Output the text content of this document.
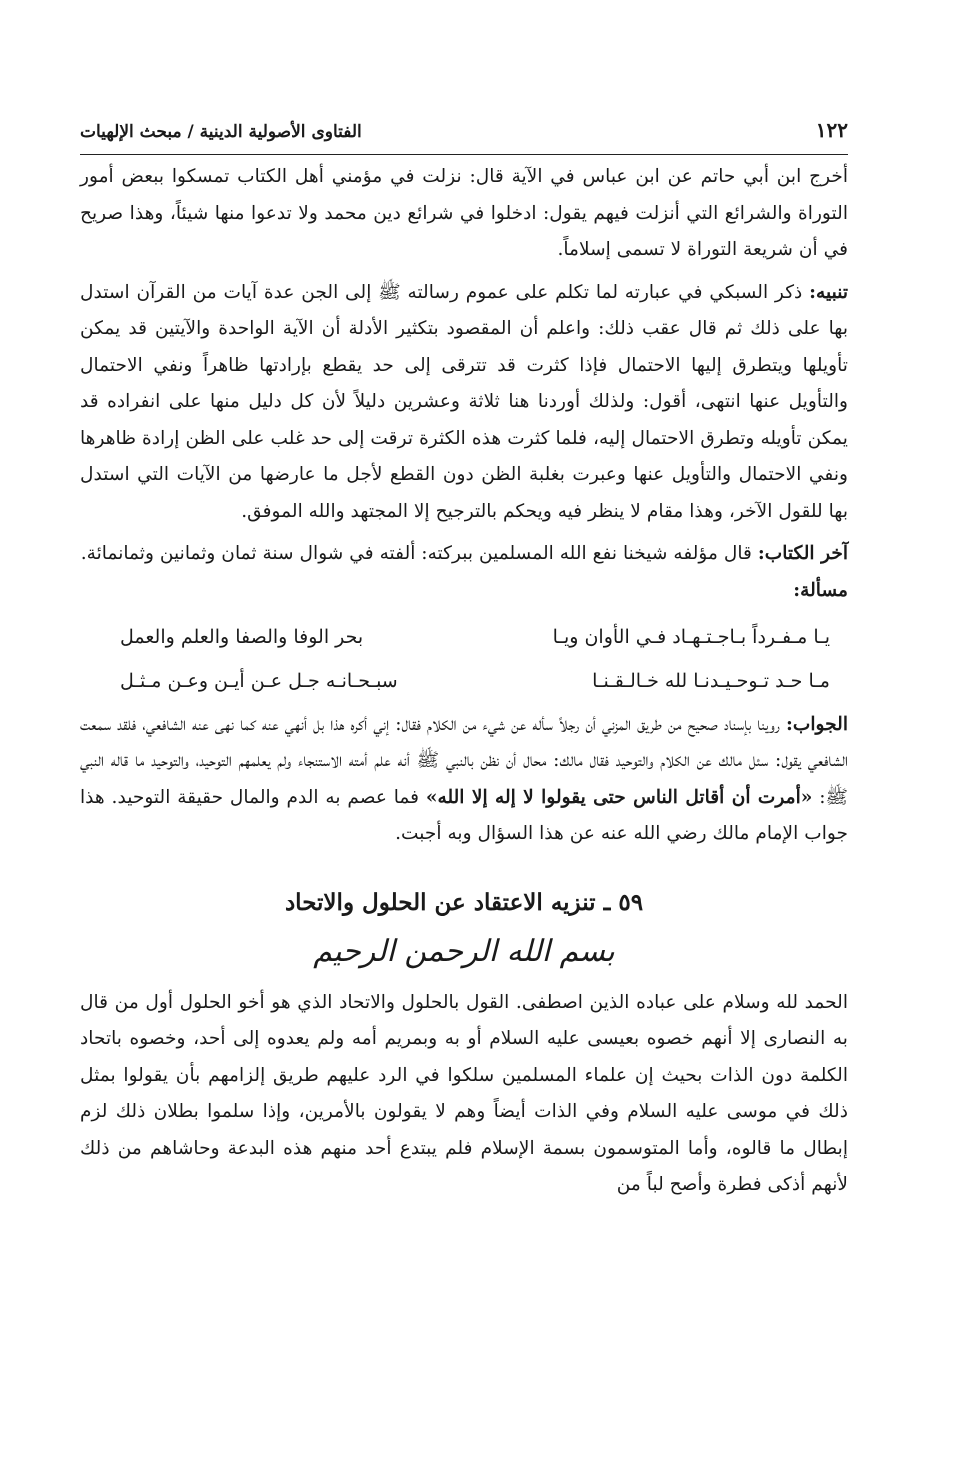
١٢٢
الفتاوى الأصولية الدينية / مبحث الإلهيات

أخرج ابن أبي حاتم عن ابن عباس في الآية قال: نزلت في مؤمني أهل الكتاب تمسكوا ببعض أمور التوراة والشرائع التي أنزلت فيهم يقول: ادخلوا في شرائع دين محمد ولا تدعوا منها شيئاً، وهذا صريح في أن شريعة التوراة لا تسمى إسلاماً.

تنبيه: ذكر السبكي في عبارته لما تكلم على عموم رسالته ﷺ إلى الجن عدة آيات من القرآن استدل بها على ذلك ثم قال عقب ذلك: واعلم أن المقصود بتكثير الأدلة أن الآية الواحدة والآيتين قد يمكن تأويلها ويتطرق إليها الاحتمال فإذا كثرت قد تترقى إلى حد يقطع بإرادتها ظاهراً ونفي الاحتمال والتأويل عنها انتهى، أقول: ولذلك أوردنا هنا ثلاثة وعشرين دليلاً لأن كل دليل منها على انفراده قد يمكن تأويله وتطرق الاحتمال إليه، فلما كثرت هذه الكثرة ترقت إلى حد غلب على الظن إرادة ظاهرها ونفي الاحتمال والتأويل عنها وعبرت بغلبة الظن دون القطع لأجل ما عارضها من الآيات التي استدل بها للقول الآخر، وهذا مقام لا ينظر فيه ويحكم بالترجيح إلا المجتهد والله الموفق.

آخر الكتاب: قال مؤلفه شيخنا نفع الله المسلمين ببركته: ألفته في شوال سنة ثمان وثمانين وثمانمائة.

مسألة:

يـا مـفـرداً بـاجـتـهـاد فـي الأوان ويـا
بحر الوفا والصفا والعلم والعمل
مـا حـد تـوحـيـدنـا لله خـالـقـنـا
سبـحـانـه جـل عـن أيـن وعـن مـثـل

الجواب: روينا بإسناد صحيح من طريق المزني أن رجلاً سأله عن شيء من الكلام فقال: إني أكره هذا بل أنهي عنه كما نهى عنه الشافعي، فلقد سمعت الشافعي يقول: سئل مالك عن الكلام والتوحيد فقال مالك: محال أن نظن بالنبي ﷺ أنه علم أمته الاستنجاء ولم يعلمهم التوحيد، والتوحيد ما قاله النبي ﷺ: «أمرت أن أقاتل الناس حتى يقولوا لا إله إلا الله» فما عصم به الدم والمال حقيقة التوحيد. هذا جواب الإمام مالك رضي الله عنه عن هذا السؤال وبه أجبت.

٥٩ ـ تنزيه الاعتقاد عن الحلول والاتحاد
بسم الله الرحمن الرحيم

الحمد لله وسلام على عباده الذين اصطفى. القول بالحلول والاتحاد الذي هو أخو الحلول أول من قال به النصارى إلا أنهم خصوه بعيسى عليه السلام أو به وبمريم أمه ولم يعدوه إلى أحد، وخصوه باتحاد الكلمة دون الذات بحيث إن علماء المسلمين سلكوا في الرد عليهم طريق إلزامهم بأن يقولوا بمثل ذلك في موسى عليه السلام وفي الذات أيضاً وهم لا يقولون بالأمرين، وإذا سلموا بطلان ذلك لزم إبطال ما قالوه، وأما المتوسمون بسمة الإسلام فلم يبتدع أحد منهم هذه البدعة وحاشاهم من ذلك لأنهم أذكى فطرة وأصح لباً من
